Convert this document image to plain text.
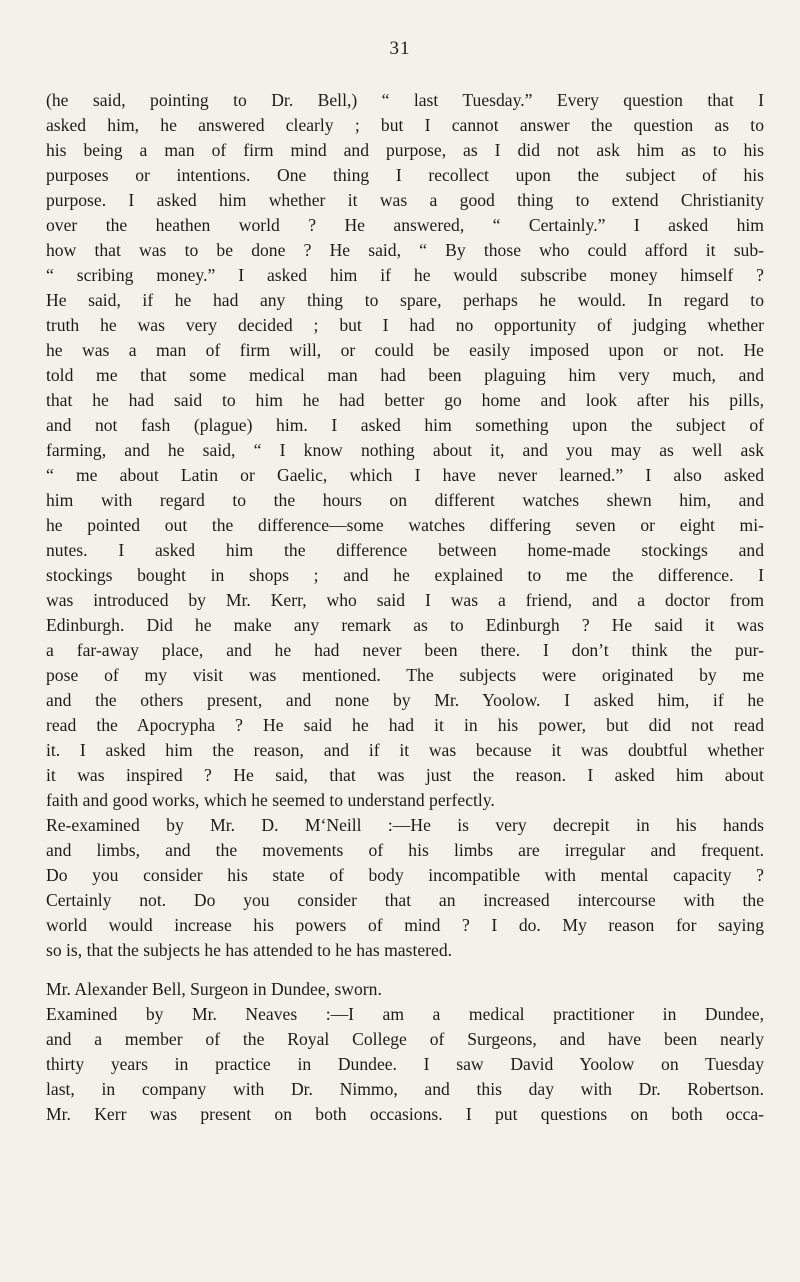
31
(he said, pointing to Dr. Bell,) “ last Tuesday.” Every question that I
asked him, he answered clearly ; but I cannot answer the question as to
his being a man of firm mind and purpose, as I did not ask him as to his
purposes or intentions. One thing I recollect upon the subject of his
purpose. I asked him whether it was a good thing to extend Christianity
over the heathen world ? He answered, “ Certainly.” I asked him
how that was to be done ? He said, “ By those who could afford it sub-
“ scribing money.” I asked him if he would subscribe money himself ?
He said, if he had any thing to spare, perhaps he would. In regard to
truth he was very decided ; but I had no opportunity of judging whether
he was a man of firm will, or could be easily imposed upon or not. He
told me that some medical man had been plaguing him very much, and
that he had said to him he had better go home and look after his pills,
and not fash (plague) him. I asked him something upon the subject of
farming, and he said, “ I know nothing about it, and you may as well ask
“ me about Latin or Gaelic, which I have never learned.” I also asked
him with regard to the hours on different watches shewn him, and
he pointed out the difference—some watches differing seven or eight mi-
nutes. I asked him the difference between home-made stockings and
stockings bought in shops ; and he explained to me the difference. I
was introduced by Mr. Kerr, who said I was a friend, and a doctor from
Edinburgh. Did he make any remark as to Edinburgh ? He said it was
a far-away place, and he had never been there. I don’t think the pur-
pose of my visit was mentioned. The subjects were originated by me
and the others present, and none by Mr. Yoolow. I asked him, if he
read the Apocrypha ? He said he had it in his power, but did not read
it. I asked him the reason, and if it was because it was doubtful whether
it was inspired ? He said, that was just the reason. I asked him about
faith and good works, which he seemed to understand perfectly.
Re-examined by Mr. D. M‘Neill :—He is very decrepit in his hands
and limbs, and the movements of his limbs are irregular and frequent.
Do you consider his state of body incompatible with mental capacity ?
Certainly not. Do you consider that an increased intercourse with the
world would increase his powers of mind ? I do. My reason for saying
so is, that the subjects he has attended to he has mastered.
Mr. Alexander Bell, Surgeon in Dundee, sworn.
Examined by Mr. Neaves :—I am a medical practitioner in Dundee,
and a member of the Royal College of Surgeons, and have been nearly
thirty years in practice in Dundee. I saw David Yoolow on Tuesday
last, in company with Dr. Nimmo, and this day with Dr. Robertson.
Mr. Kerr was present on both occasions. I put questions on both occa-
